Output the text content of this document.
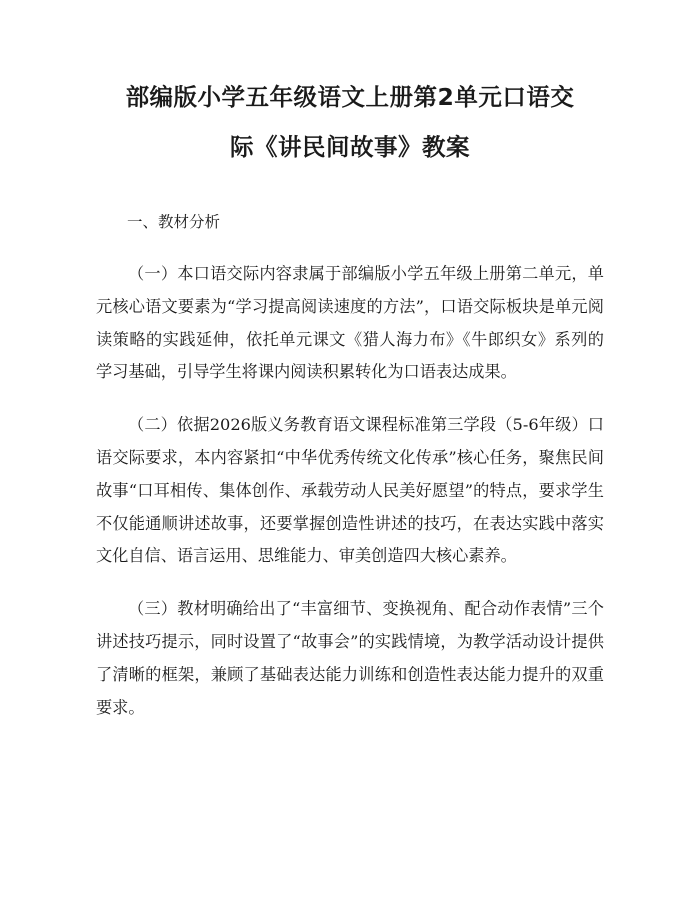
部编版小学五年级语文上册第2单元口语交
际《讲民间故事》教案

一、教材分析

（一）本口语交际内容隶属于部编版小学五年级上册第二单元，单元核心语文要素为“学习提高阅读速度的方法”，口语交际板块是单元阅读策略的实践延伸，依托单元课文《猎人海力布》《牛郎织女》系列的学习基础，引导学生将课内阅读积累转化为口语表达成果。

（二）依据2026版义务教育语文课程标准第三学段（5-6年级）口语交际要求，本内容紧扣“中华优秀传统文化传承”核心任务，聚焦民间故事“口耳相传、集体创作、承载劳动人民美好愿望”的特点，要求学生不仅能通顺讲述故事，还要掌握创造性讲述的技巧，在表达实践中落实文化自信、语言运用、思维能力、审美创造四大核心素养。

（三）教材明确给出了“丰富细节、变换视角、配合动作表情”三个讲述技巧提示，同时设置了“故事会”的实践情境，为教学活动设计提供了清晰的框架，兼顾了基础表达能力训练和创造性表达能力提升的双重要求。
